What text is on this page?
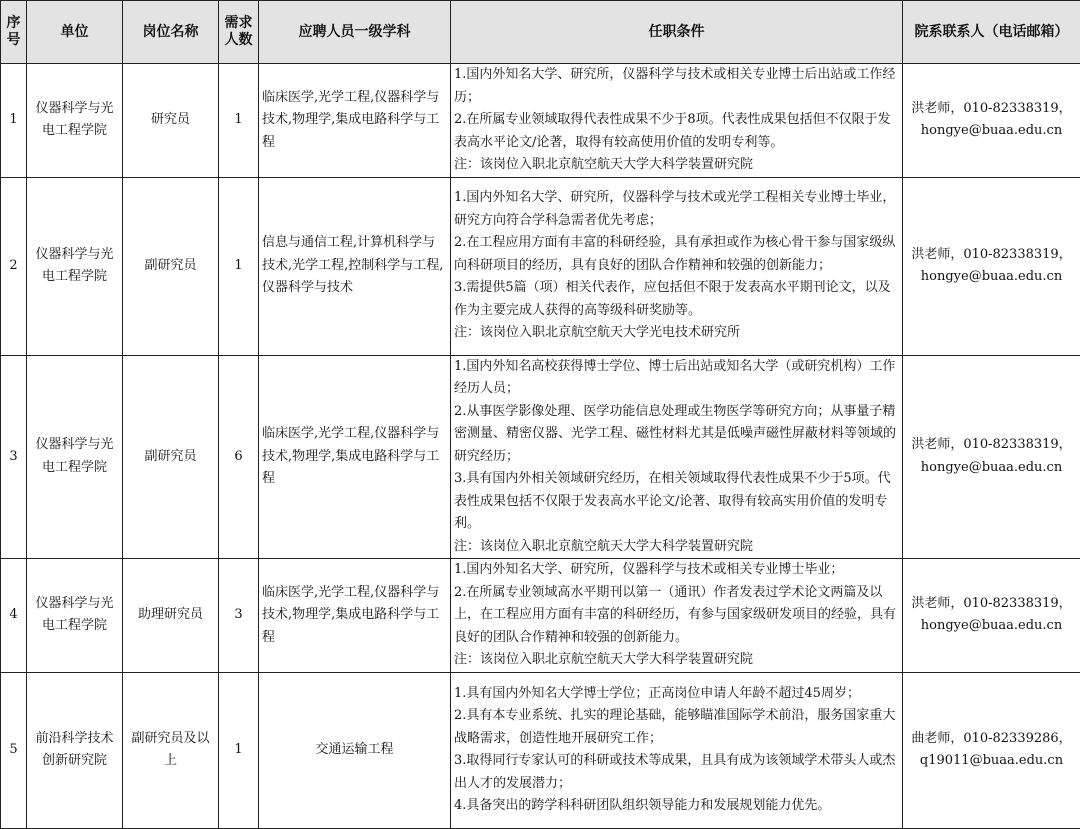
序号	单位	岗位名称	需求人数	应聘人员一级学科	任职条件	院系联系人（电话邮箱）
1	仪器科学与光电工程学院	研究员	1	临床医学,光学工程,仪器科学与技术,物理学,集成电路科学与工程	1.国内外知名大学、研究所，仪器科学与技术或相关专业博士后出站或工作经历；
2.在所属专业领域取得代表性成果不少于8项。代表性成果包括但不仅限于发表高水平论文/论著，取得有较高使用价值的发明专利等。
注：该岗位入职北京航空航天大学大科学装置研究院	洪老师，010-82338319，
hongye@buaa.edu.cn

2	仪器科学与光电工程学院	副研究员	1	信息与通信工程,计算机科学与技术,光学工程,控制科学与工程,仪器科学与技术	1.国内外知名大学、研究所，仪器科学与技术或光学工程相关专业博士毕业，研究方向符合学科急需者优先考虑；
2.在工程应用方面有丰富的科研经验，具有承担或作为核心骨干参与国家级纵向科研项目的经历，具有良好的团队合作精神和较强的创新能力；
3.需提供5篇（项）相关代表作，应包括但不限于发表高水平期刊论文，以及作为主要完成人获得的高等级科研奖励等。
注：该岗位入职北京航空航天大学光电技术研究所	洪老师，010-82338319，
hongye@buaa.edu.cn

3	仪器科学与光电工程学院	副研究员	6	临床医学,光学工程,仪器科学与技术,物理学,集成电路科学与工程	1.国内外知名高校获得博士学位、博士后出站或知名大学（或研究机构）工作经历人员；
2.从事医学影像处理、医学功能信息处理或生物医学等研究方向；从事量子精密测量、精密仪器、光学工程、磁性材料尤其是低噪声磁性屏蔽材料等领域的研究经历；
3.具有国内外相关领域研究经历，在相关领域取得代表性成果不少于5项。代表性成果包括不仅限于发表高水平论文/论著、取得有较高实用价值的发明专利。
注：该岗位入职北京航空航天大学大科学装置研究院	洪老师，010-82338319，
hongye@buaa.edu.cn

4	仪器科学与光电工程学院	助理研究员	3	临床医学,光学工程,仪器科学与技术,物理学,集成电路科学与工程	1.国内外知名大学、研究所，仪器科学与技术或相关专业博士毕业；
2.在所属专业领域高水平期刊以第一（通讯）作者发表过学术论文两篇及以上，在工程应用方面有丰富的科研经历，有参与国家级研发项目的经验，具有良好的团队合作精神和较强的创新能力。
注：该岗位入职北京航空航天大学大科学装置研究院	洪老师，010-82338319，
hongye@buaa.edu.cn

5	前沿科学技术创新研究院	副研究员及以上	1	交通运输工程	1.具有国内外知名大学博士学位；正高岗位申请人年龄不超过45周岁；
2.具有本专业系统、扎实的理论基础，能够瞄准国际学术前沿，服务国家重大战略需求，创造性地开展研究工作；
3.取得同行专家认可的科研或技术等成果，且具有成为该领域学术带头人或杰出人才的发展潜力；
4.具备突出的跨学科科研团队组织领导能力和发展规划能力优先。	曲老师，010-82339286，
q19011@buaa.edu.cn
